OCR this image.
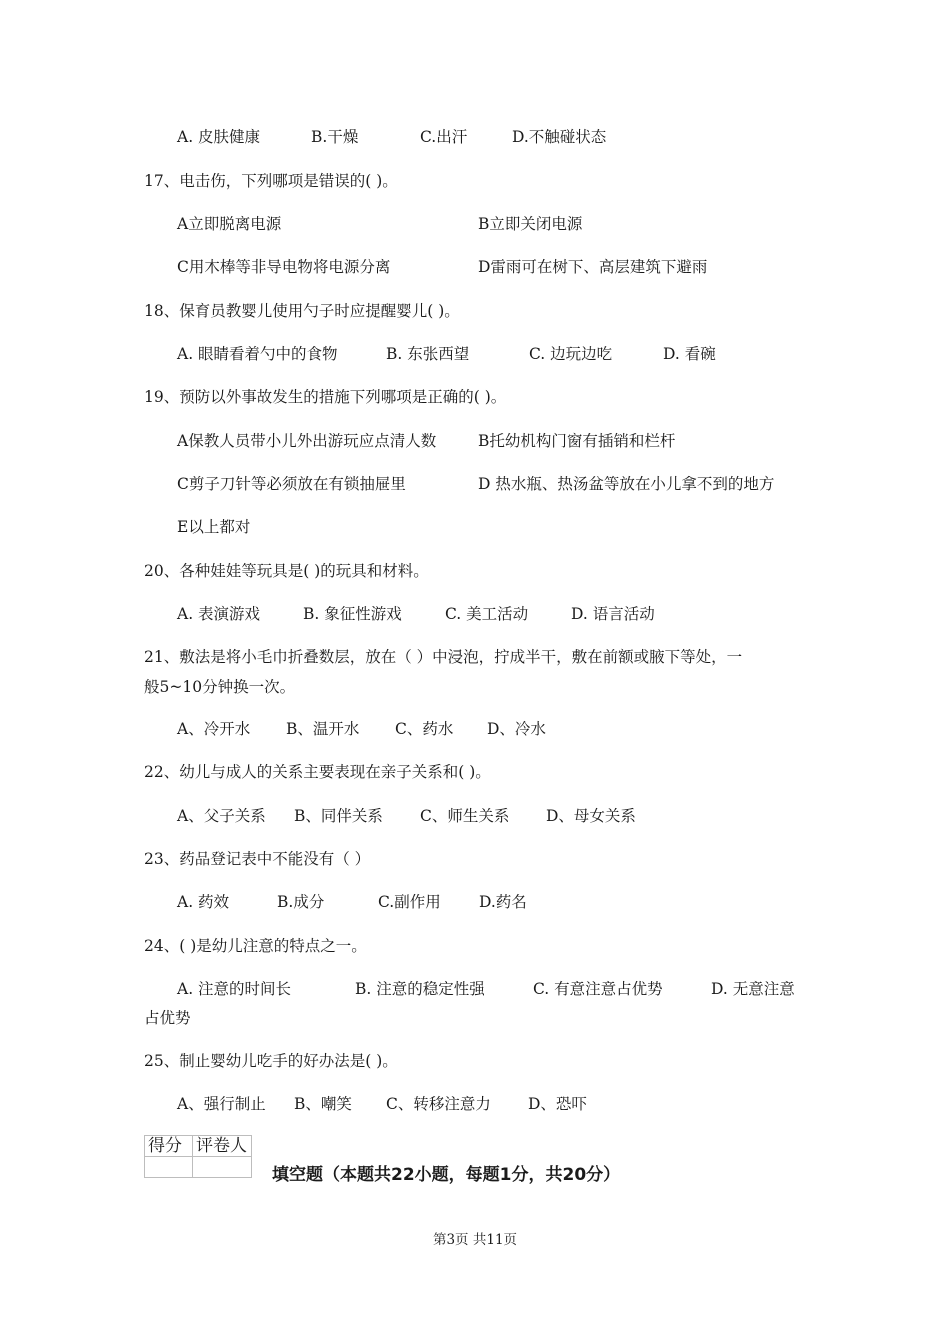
A. 皮肤健康	B.干燥	C.出汗	D.不触碰状态
17、电击伤，下列哪项是错误的( )。
A立即脱离电源	B立即关闭电源
C用木棒等非导电物将电源分离	D雷雨可在树下、高层建筑下避雨
18、保育员教婴儿使用勺子时应提醒婴儿( )。
A. 眼睛看着勺中的食物	B. 东张西望	C. 边玩边吃	D. 看碗
19、预防以外事故发生的措施下列哪项是正确的( )。
A保教人员带小儿外出游玩应点清人数	B托幼机构门窗有插销和栏杆
C剪子刀针等必须放在有锁抽屉里	D 热水瓶、热汤盆等放在小儿拿不到的地方
E以上都对
20、各种娃娃等玩具是( )的玩具和材料。
A. 表演游戏	B. 象征性游戏	C. 美工活动	D. 语言活动
21、敷法是将小毛巾折叠数层，放在（ ）中浸泡，拧成半干，敷在前额或腋下等处，一
般5~10分钟换一次。
A、冷开水 B、温开水 C、药水 D、冷水
22、幼儿与成人的关系主要表现在亲子关系和( )。
A、父子关系 B、同伴关系 C、师生关系 D、母女关系
23、药品登记表中不能没有（ ）
A. 药效	B.成分	C.副作用 D.药名
24、( )是幼儿注意的特点之一。
A. 注意的时间长	B. 注意的稳定性强	C. 有意注意占优势	D. 无意注意
占优势
25、制止婴幼儿吃手的好办法是( )。
A、强行制止 B、嘲笑 C、转移注意力 D、恐吓
得分	评卷人

填空题（本题共22小题，每题1分，共20分）
第3页 共11页
